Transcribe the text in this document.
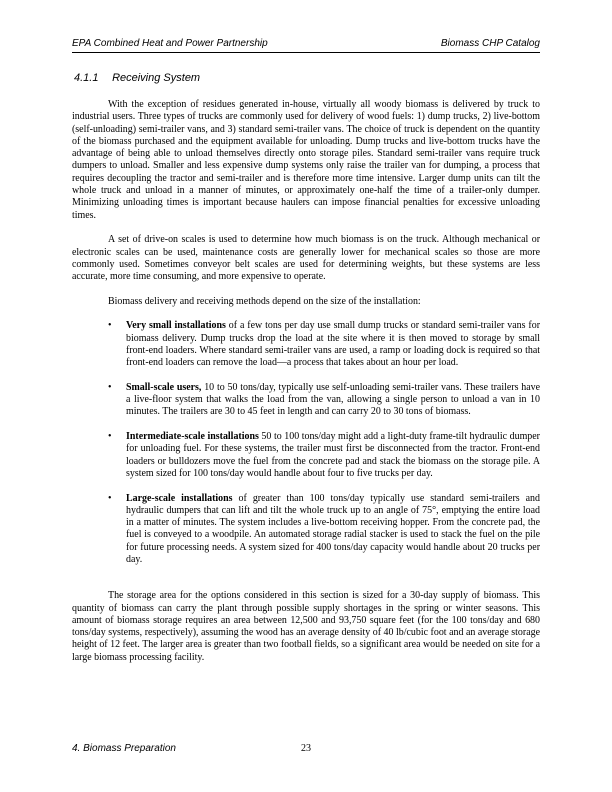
EPA Combined Heat and Power Partnership	Biomass CHP Catalog
4.1.1 Receiving System

With the exception of residues generated in-house, virtually all woody biomass is delivered by truck to industrial users. Three types of trucks are commonly used for delivery of wood fuels: 1) dump trucks, 2) live-bottom (self-unloading) semi-trailer vans, and 3) standard semi-trailer vans. The choice of truck is dependent on the quantity of the biomass purchased and the equipment available for unloading. Dump trucks and live-bottom trucks have the advantage of being able to unload themselves directly onto storage piles. Standard semi-trailer vans require truck dumpers to unload. Smaller and less expensive dump systems only raise the trailer van for dumping, a process that requires decoupling the tractor and semi-trailer and is therefore more time intensive. Larger dump units can tilt the whole truck and unload in a manner of minutes, or approximately one-half the time of a trailer-only dumper. Minimizing unloading times is important because haulers can impose financial penalties for excessive unloading times.

A set of drive-on scales is used to determine how much biomass is on the truck. Although mechanical or electronic scales can be used, maintenance costs are generally lower for mechanical scales so those are more commonly used. Sometimes conveyor belt scales are used for determining weights, but these systems are less accurate, more time consuming, and more expensive to operate.

Biomass delivery and receiving methods depend on the size of the installation:

• Very small installations of a few tons per day use small dump trucks or standard semi-trailer vans for biomass delivery. Dump trucks drop the load at the site where it is then moved to storage by small front-end loaders. Where standard semi-trailer vans are used, a ramp or loading dock is required so that front-end loaders can remove the load—a process that takes about an hour per load.
• Small-scale users, 10 to 50 tons/day, typically use self-unloading semi-trailer vans. These trailers have a live-floor system that walks the load from the van, allowing a single person to unload a van in 10 minutes. The trailers are 30 to 45 feet in length and can carry 20 to 30 tons of biomass.
• Intermediate-scale installations 50 to 100 tons/day might add a light-duty frame-tilt hydraulic dumper for unloading fuel. For these systems, the trailer must first be disconnected from the tractor. Front-end loaders or bulldozers move the fuel from the concrete pad and stack the biomass on the storage pile. A system sized for 100 tons/day would handle about four to five trucks per day.
• Large-scale installations of greater than 100 tons/day typically use standard semi-trailers and hydraulic dumpers that can lift and tilt the whole truck up to an angle of 75°, emptying the entire load in a matter of minutes. The system includes a live-bottom receiving hopper. From the concrete pad, the fuel is conveyed to a woodpile. An automated storage radial stacker is used to stack the fuel on the pile for future processing needs. A system sized for 400 tons/day capacity would handle about 20 trucks per day.

The storage area for the options considered in this section is sized for a 30-day supply of biomass. This quantity of biomass can carry the plant through possible supply shortages in the spring or winter seasons. This amount of biomass storage requires an area between 12,500 and 93,750 square feet (for the 100 tons/day and 680 tons/day systems, respectively), assuming the wood has an average density of 40 lb/cubic foot and an average storage height of 12 feet. The larger area is greater than two football fields, so a significant area would be needed on site for a large biomass processing facility.

4. Biomass Preparation	23
